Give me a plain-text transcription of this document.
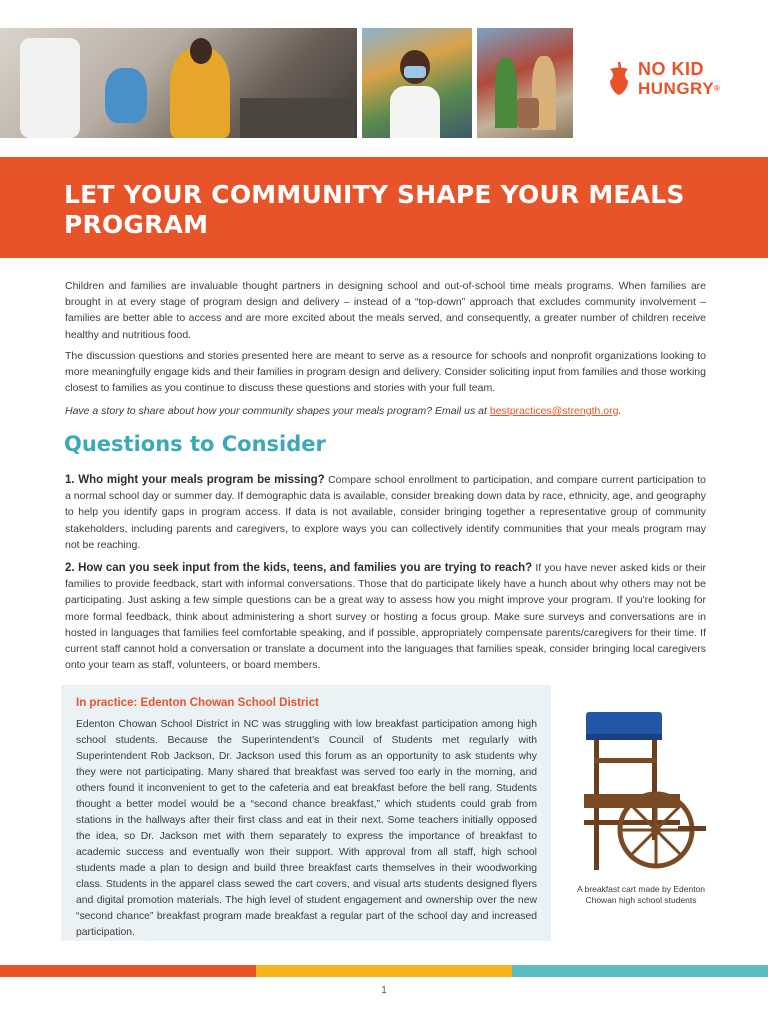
NO KID
HUNGRY®
LET YOUR COMMUNITY SHAPE YOUR MEALS PROGRAM
Children and families are invaluable thought partners in designing school and out-of-school time meals programs. When families are brought in at every stage of program design and delivery – instead of a “top-down” approach that excludes community involvement – families are better able to access and are more excited about the meals served, and consequently, a greater number of children receive healthy and nutritious food.
The discussion questions and stories presented here are meant to serve as a resource for schools and nonprofit organizations looking to more meaningfully engage kids and their families in program design and delivery. Consider soliciting input from families and those working closest to families as you continue to discuss these questions and stories with your full team.
Have a story to share about how your community shapes your meals program? Email us at bestpractices@strength.org.
Questions to Consider
1. Who might your meals program be missing? Compare school enrollment to participation, and compare current participation to a normal school day or summer day. If demographic data is available, consider breaking down data by race, ethnicity, age, and geography to help you identify gaps in program access. If data is not available, consider bringing together a representative group of community stakeholders, including parents and caregivers, to explore ways you can collectively identify communities that your meals program may not be reaching.
2. How can you seek input from the kids, teens, and families you are trying to reach? If you have never asked kids or their families to provide feedback, start with informal conversations. Those that do participate likely have a hunch about why others may not be participating. Just asking a few simple questions can be a great way to assess how you might improve your program. If you're looking for more formal feedback, think about administering a short survey or hosting a focus group. Make sure surveys and conversations are in hosted in languages that families feel comfortable speaking, and if possible, appropriately compensate parents/caregivers for their time. If current staff cannot hold a conversation or translate a document into the languages that families speak, consider bringing local caregivers onto your team as staff, volunteers, or board members.
In practice: Edenton Chowan School District

Edenton Chowan School District in NC was struggling with low breakfast participation among high school students. Because the Superintendent's Council of Students met regularly with Superintendent Rob Jackson, Dr. Jackson used this forum as an opportunity to ask students why they were not participating. Many shared that breakfast was served too early in the morning, and others found it inconvenient to get to the cafeteria and eat breakfast before the bell rang. Students thought a better model would be a “second chance breakfast,” which students could grab from stations in the hallways after their first class and eat in their next. Some teachers initially opposed the idea, so Dr. Jackson met with them separately to express the importance of breakfast to academic success and eventually won their support. With approval from all staff, high school students made a plan to design and build three breakfast carts themselves in their woodworking class. Students in the apparel class sewed the cart covers, and visual arts students designed flyers and digital promotion materials. The high level of student engagement and ownership over the new “second chance” breakfast program made breakfast a regular part of the school day and increased participation.

A breakfast cart made by Edenton Chowan high school students
1
